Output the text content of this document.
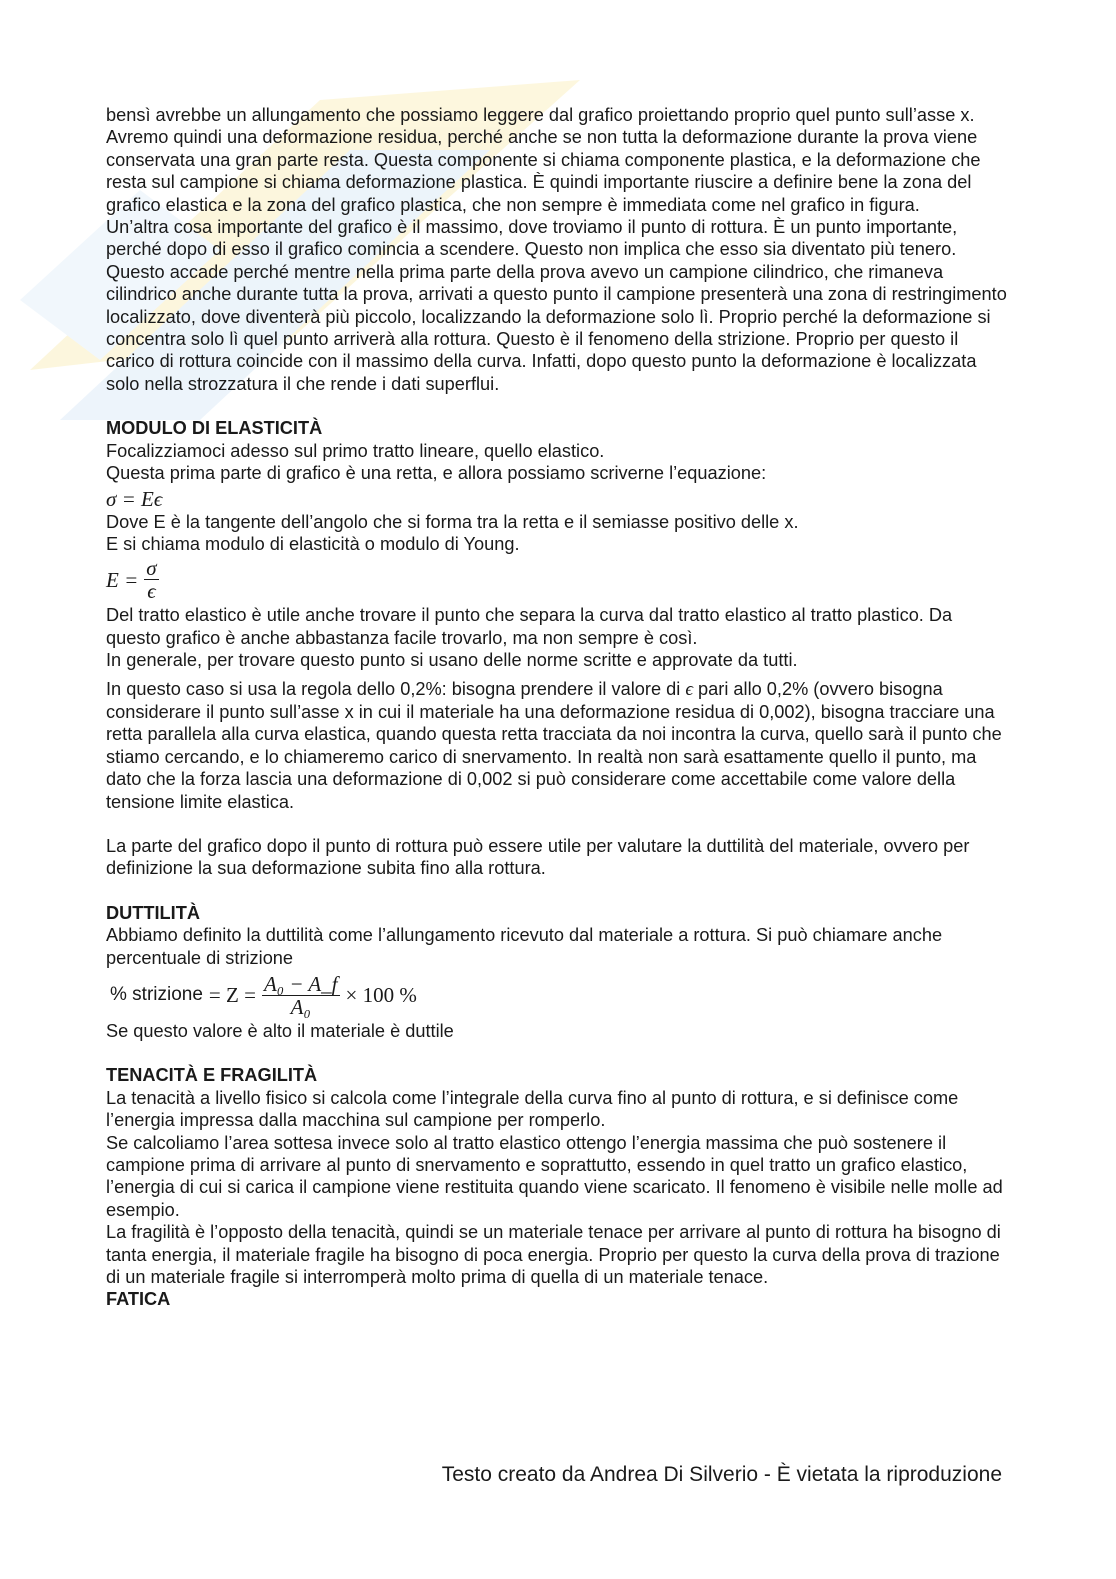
bensì avrebbe un allungamento che possiamo leggere dal grafico proiettando proprio quel punto sull’asse x. Avremo quindi una deformazione residua, perché anche se non tutta la deformazione durante la prova viene conservata una gran parte resta. Questa componente si chiama componente plastica, e la deformazione che resta sul campione si chiama deformazione plastica. È quindi importante riuscire a definire bene la zona del grafico elastica e la zona del grafico plastica, che non sempre è immediata come nel grafico in figura.

Un’altra cosa importante del grafico è il massimo, dove troviamo il punto di rottura. È un punto importante, perché dopo di esso il grafico comincia a scendere. Questo non implica che esso sia diventato più tenero. Questo accade perché mentre nella prima parte della prova avevo un campione cilindrico, che rimaneva cilindrico anche durante tutta la prova, arrivati a questo punto il campione presenterà una zona di restringimento localizzato, dove diventerà più piccolo, localizzando la deformazione solo lì. Proprio perché la deformazione si concentra solo lì quel punto arriverà alla rottura. Questo è il fenomeno della strizione. Proprio per questo il carico di rottura coincide con il massimo della curva. Infatti, dopo questo punto la deformazione è localizzata solo nella strozzatura il che rende i dati superflui.

MODULO DI ELASTICITÀ

Focalizziamoci adesso sul primo tratto lineare, quello elastico.

Questa prima parte di grafico è una retta, e allora possiamo scriverne l’equazione:

σ = Eϵ

Dove E è la tangente dell’angolo che si forma tra la retta e il semiasse positivo delle x.

E si chiama modulo di elasticità o modulo di Young.

$E = \frac{\sigma}{\epsilon}$

Del tratto elastico è utile anche trovare il punto che separa la curva dal tratto elastico al tratto plastico. Da questo grafico è anche abbastanza facile trovarlo, ma non sempre è così.

In generale, per trovare questo punto si usano delle norme scritte e approvate da tutti.

In questo caso si usa la regola dello 0,2%: bisogna prendere il valore di ϵ pari allo 0,2% (ovvero bisogna considerare il punto sull’asse x in cui il materiale ha una deformazione residua di 0,002), bisogna tracciare una retta parallela alla curva elastica, quando questa retta tracciata da noi incontra la curva, quello sarà il punto che stiamo cercando, e lo chiameremo carico di snervamento. In realtà non sarà esattamente quello il punto, ma dato che la forza lascia una deformazione di 0,002 si può considerare come accettabile come valore della tensione limite elastica.

La parte del grafico dopo il punto di rottura può essere utile per valutare la duttilità del materiale, ovvero per definizione la sua deformazione subita fino alla rottura.

DUTTILITÀ

Abbiamo definito la duttilità come l’allungamento ricevuto dal materiale a rottura. Si può chiamare anche percentuale di strizione

% strizione = $Z = \frac{\text{A₀ − A\_f}}{\text{A₀}} \times 100$ %

Se questo valore è alto il materiale è duttile

TENACITÀ E FRAGILITÀ

La tenacità a livello fisico si calcola come l’integrale della curva fino al punto di rottura, e si definisce come l’energia impressa dalla macchina sul campione per romperlo.

Se calcoliamo l’area sottesa invece solo al tratto elastico ottengo l’energia massima che può sostenere il campione prima di arrivare al punto di snervamento e soprattutto, essendo in quel tratto un grafico elastico, l’energia di cui si carica il campione viene restituita quando viene scaricato. Il fenomeno è visibile nelle molle ad esempio.

La fragilità è l’opposto della tenacità, quindi se un materiale tenace per arrivare al punto di rottura ha bisogno di tanta energia, il materiale fragile ha bisogno di poca energia. Proprio per questo la curva della prova di trazione di un materiale fragile si interromperà molto prima di quella di un materiale tenace.

FATICA

Testo creato da Andrea Di Silverio - È vietata la riproduzione
